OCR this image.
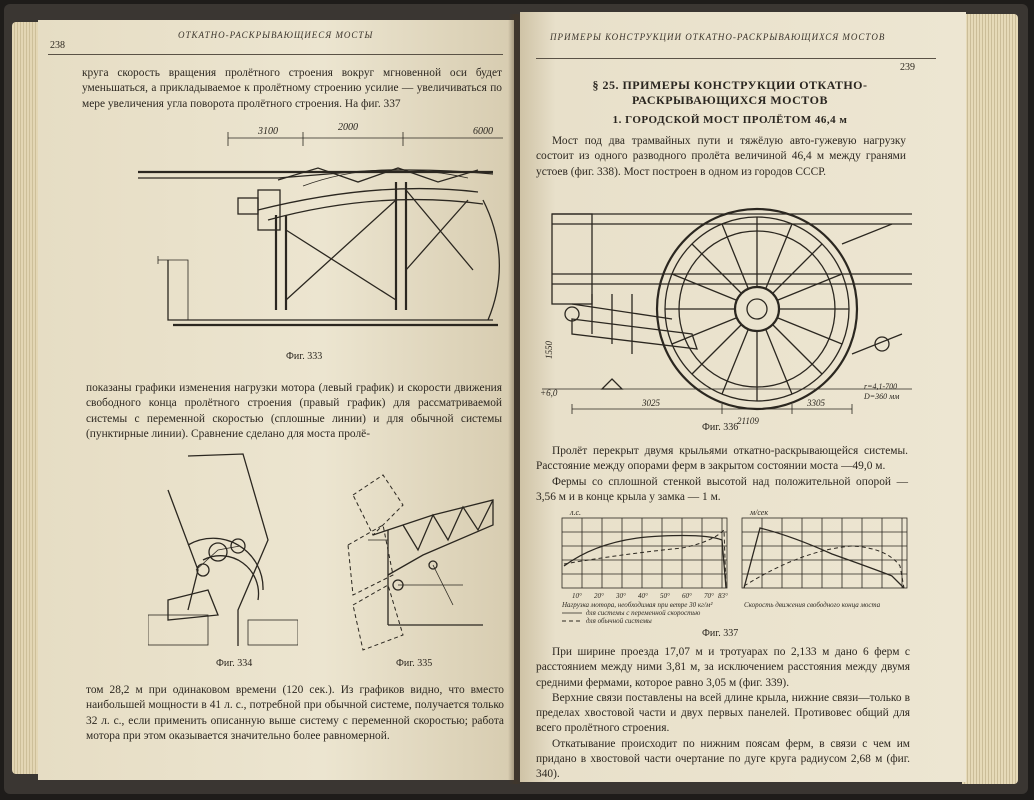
238
ОТКАТНО-РАСКРЫВАЮЩИЕСЯ МОСТЫ

круга скорость вращения пролётного строения вокруг мгновенной оси будет уменьшаться, а прикладываемое к пролётному строению усилие — увеличиваться по мере увеличения угла поворота пролётного строения. На фиг. 337

3100	2000	6000
Фиг. 333

показаны графики изменения нагрузки мотора (левый график) и скорости движения свободного конца пролётного строения (правый график) для рассматриваемой системы с переменной скоростью (сплошные линии) и для обычной системы (пунктирные линии). Сравнение сделано для моста пролё-

Фиг. 334	Фиг. 335

том 28,2 м при одинаковом времени (120 сек.). Из графиков видно, что вместо наибольшей мощности в 41 л. с., потребной при обычной системе, получается только 32 л. с., если применить описанную выше систему с переменной скоростью; работа мотора при этом оказывается значительно более равномерной.

ПРИМЕРЫ КОНСТРУКЦИИ ОТКАТНО-РАСКРЫВАЮЩИХСЯ МОСТОВ
239
§ 25. ПРИМЕРЫ КОНСТРУКЦИИ ОТКАТНО-РАСКРЫВАЮЩИХСЯ МОСТОВ
1. ГОРОДСКОЙ МОСТ ПРОЛЁТОМ 46,4 м

Мост под два трамвайных пути и тяжёлую авто-гужевую нагрузку состоит из одного разводного пролёта величиной 46,4 м между гранями устоев (фиг. 338). Мост построен в одном из городов СССР.

3025
21109
3305
1550
+6,0
r=4,1-700
D=360 мм
Фиг. 336

Пролёт перекрыт двумя крыльями откатно-раскрывающейся системы. Расстояние между опорами ферм в закрытом состоянии моста —49,0 м.

Фермы со сплошной стенкой высотой над положительной опорой — 3,56 м и в конце крыла у замка — 1 м.

л.с.	м/сек
10° 20° 30° 40° 50° 60° 70° 83°
Нагрузка мотора, необходимая при ветре 30 кг/м²	Скорость движения свободного конца моста
для системы с переменной скоростью
для обычной системы
Фиг. 337

При ширине проезда 17,07 м и тротуарах по 2,133 м дано 6 ферм с расстоянием между ними 3,81 м, за исключением расстояния между двумя средними фермами, которое равно 3,05 м (фиг. 339).

Верхние связи поставлены на всей длине крыла, нижние связи—только в пределах хвостовой части и двух первых панелей. Противовес общий для всего пролётного строения.

Откатывание происходит по нижним поясам ферм, в связи с чем им придано в хвостовой части очертание по дуге круга радиусом 2,68 м (фиг. 340).
